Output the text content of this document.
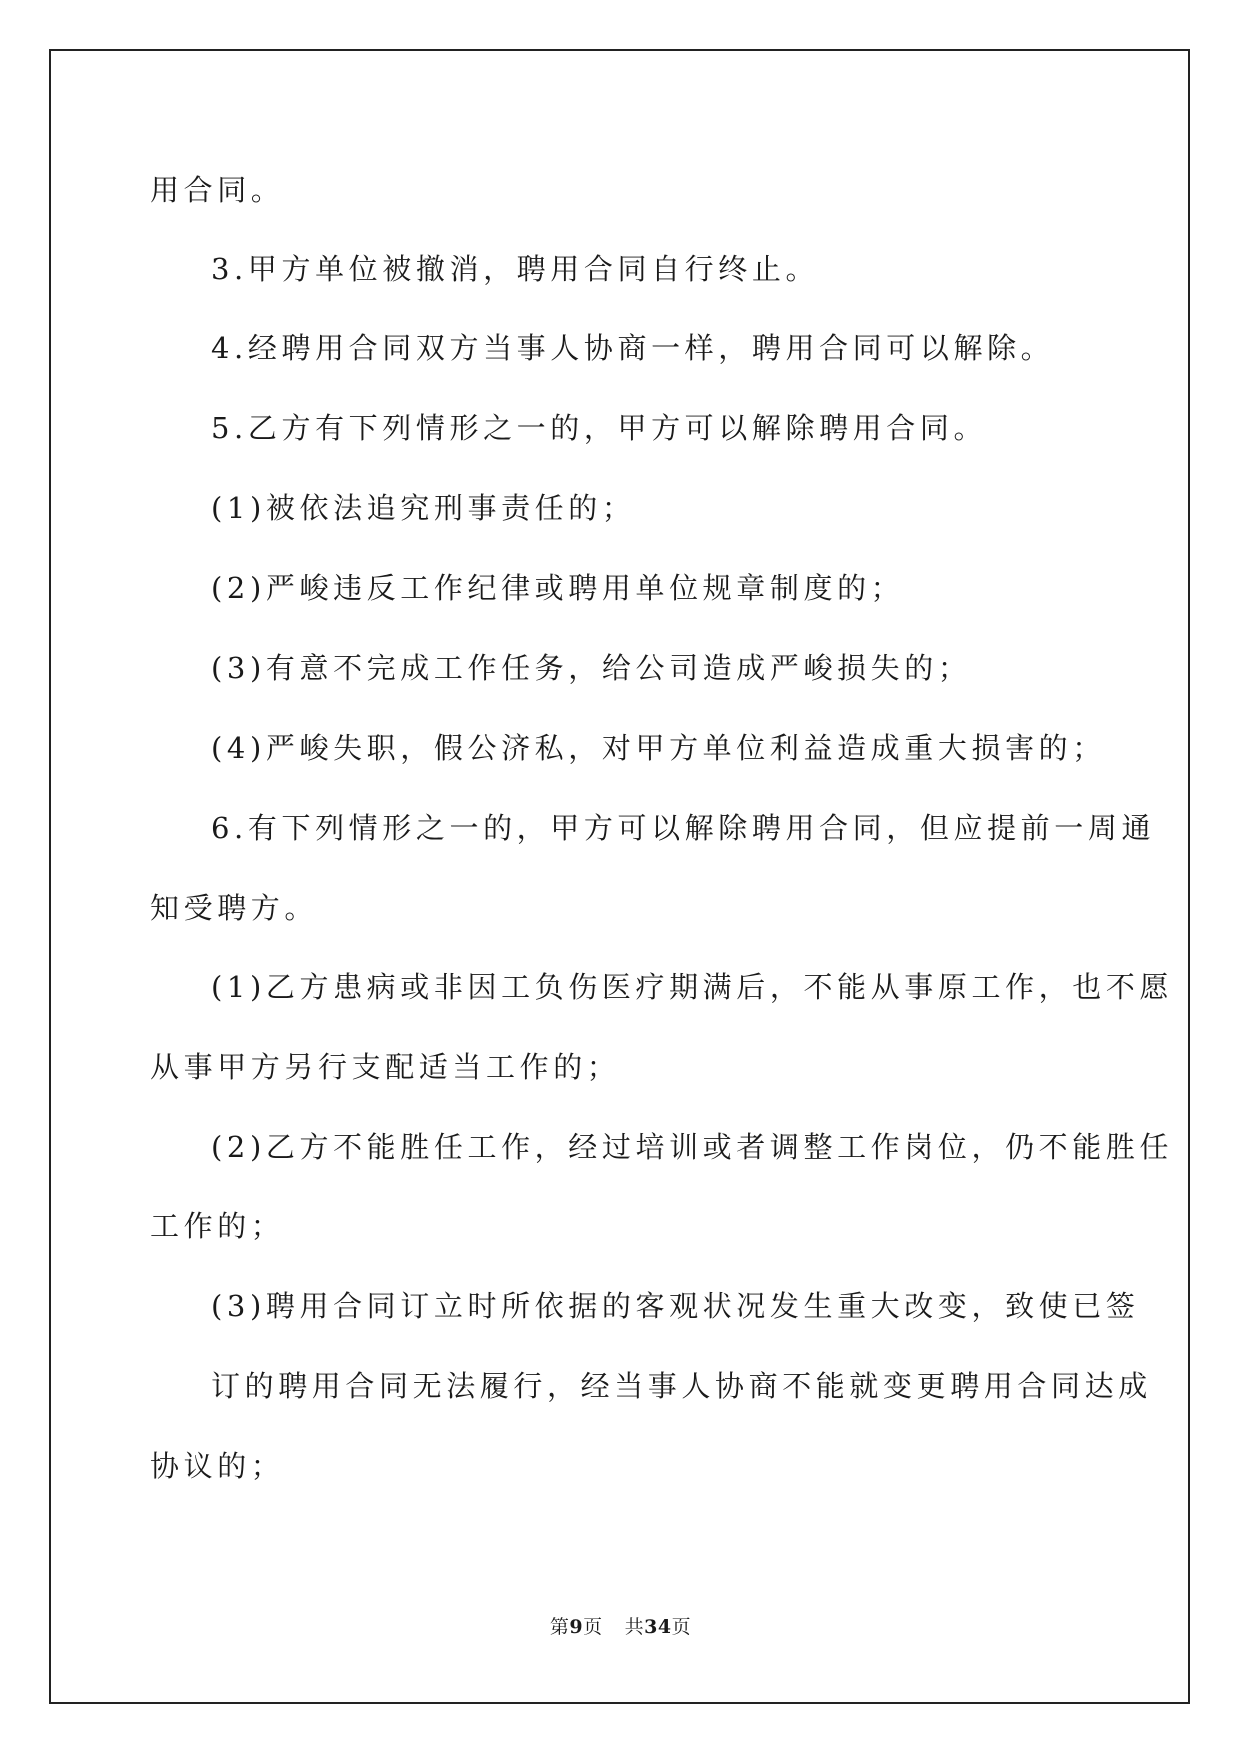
用合同。
3.甲方单位被撤消，聘用合同自行终止。
4.经聘用合同双方当事人协商一样，聘用合同可以解除。
5.乙方有下列情形之一的，甲方可以解除聘用合同。
(1)被依法追究刑事责任的；
(2)严峻违反工作纪律或聘用单位规章制度的；
(3)有意不完成工作任务，给公司造成严峻损失的；
(4)严峻失职，假公济私，对甲方单位利益造成重大损害的；
6.有下列情形之一的，甲方可以解除聘用合同，但应提前一周通
知受聘方。
(1)乙方患病或非因工负伤医疗期满后，不能从事原工作，也不愿
从事甲方另行支配适当工作的；
(2)乙方不能胜任工作，经过培训或者调整工作岗位，仍不能胜任
工作的；
(3)聘用合同订立时所依据的客观状况发生重大改变，致使已签
订的聘用合同无法履行，经当事人协商不能就变更聘用合同达成
协议的；
第9页 共34页
